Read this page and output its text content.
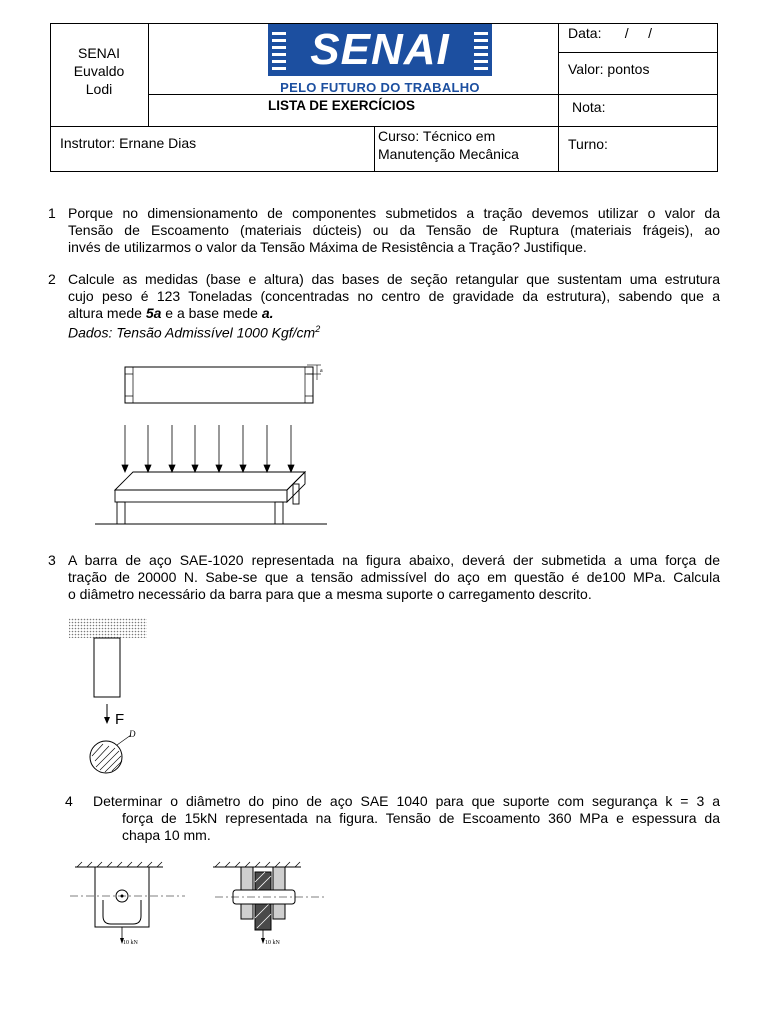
SENAI
Euvaldo
Lodi
SENAI
PELO FUTURO DO TRABALHO
LISTA DE EXERCÍCIOS
Data:      /     /
Valor: pontos
Nota:
Instrutor: Ernane Dias	Curso: Técnico em
Manutenção Mecânica
Turno:
1 Porque no dimensionamento de componentes submetidos a tração devemos utilizar o valor da
Tensão de Escoamento (materiais dúcteis) ou da Tensão de Ruptura (materiais frágeis), ao
invés de utilizarmos o valor da Tensão Máxima de Resistência a Tração? Justifique.
2 Calcule as medidas (base e altura) das bases de seção retangular que sustentam uma estrutura
cujo peso é 123 Toneladas (concentradas no centro de gravidade da estrutura), sabendo que a
altura mede 5a e a base mede a.
Dados: Tensão Admissível 1000 Kgf/$cm^2$
a
3 A barra de aço SAE-1020 representada na figura abaixo, deverá der submetida a uma força de
tração de 20000 N. Sabe-se que a tensão admissível do aço em questão é de100 MPa. Calcula
o diâmetro necessário da barra para que a mesma suporte o carregamento descrito.
F
D
4 Determinar o diâmetro do pino de aço SAE 1040 para que suporte com segurança k = 3 a
força de 15kN representada na figura. Tensão de Escoamento 360 MPa e espessura da
chapa 10 mm.
10 kN	10 kN
